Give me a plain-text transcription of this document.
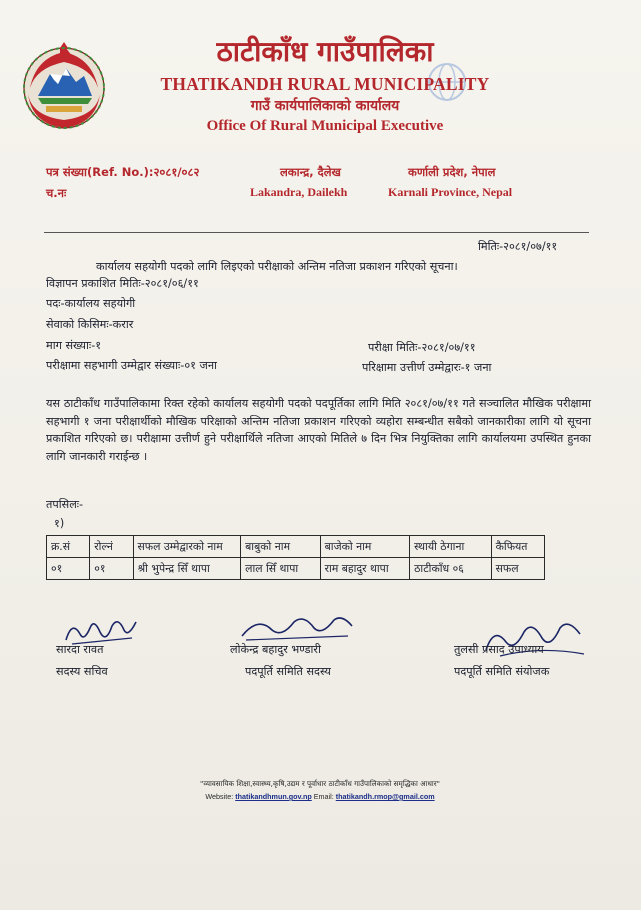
ठाटीकाँध गाउँपालिका
THATIKANDH RURAL MUNICIPALITY
गाउँ कार्यपालिकाको कार्यालय
Office Of Rural Municipal Executive
पत्र संख्या(Ref. No.):२०८१/०८२
च.नः
लकान्द्र, दैलेख
Lakandra, Dailekh
कर्णाली प्रदेश, नेपाल
Karnali Province, Nepal
मितिः-२०८१/०७/११
कार्यालय सहयोगी पदको लागि लिइएको परीक्षाको अन्तिम नतिजा प्रकाशन गरिएको सूचना।
विज्ञापन प्रकाशित मितिः-२०८१/०६/११
पदः-कार्यालय सहयोगी
सेवाको किसिमः-करार
माग संख्याः-१	परीक्षा मितिः-२०८१/०७/११
परीक्षामा सहभागी उम्मेद्वार संख्याः-०१ जना	परिक्षामा उत्तीर्ण उम्मेद्वारः-१ जना
यस ठाटीकाँध गाउँपालिकामा रिक्त रहेको कार्यालय सहयोगी पदको पदपूर्तिका लागि मिति २०८१/०७/११ गते सञ्चालित मौखिक परीक्षामा सहभागी १ जना परीक्षार्थीको मौखिक परिक्षाको अन्तिम नतिजा प्रकाशन गरिएको व्यहोरा सम्बन्धीत सबैको जानकारीका लागि यो सूचना प्रकाशित गरिएको छ। परीक्षामा उत्तीर्ण हुने परीक्षार्थिले नतिजा आएको मितिले ७ दिन भित्र नियुक्तिका लागि कार्यालयमा उपस्थित हुनका लागि जानकारी गराईन्छ ।
तपसिलः-
१)
क्र.सं	रोल्नं	सफल उम्मेद्वारको नाम	बाबुको नाम	बाजेको नाम	स्थायी ठेगाना	कैफियत
०१	०१	श्री भुपेन्द्र सिँ थापा	लाल सिँ थापा	राम बहादुर थापा	ठाटीकाँध ०६	सफल
सारदा रावत
सदस्य सचिव
लोकेन्द्र बहादुर भण्डारी
पदपूर्ति समिति सदस्य
तुलसी प्रसाद उपाध्याय
पदपूर्ति समिति संयोजक
"व्यावसायिक शिक्षा,स्वास्थ्य,कृषि,उद्यम र पूर्वाधार ठाटीकाँध गाउँपालिकाको समृद्धिका आधार"
Website: thatikandhmun.gov.np Email: thatikandh.rmop@gmail.com
